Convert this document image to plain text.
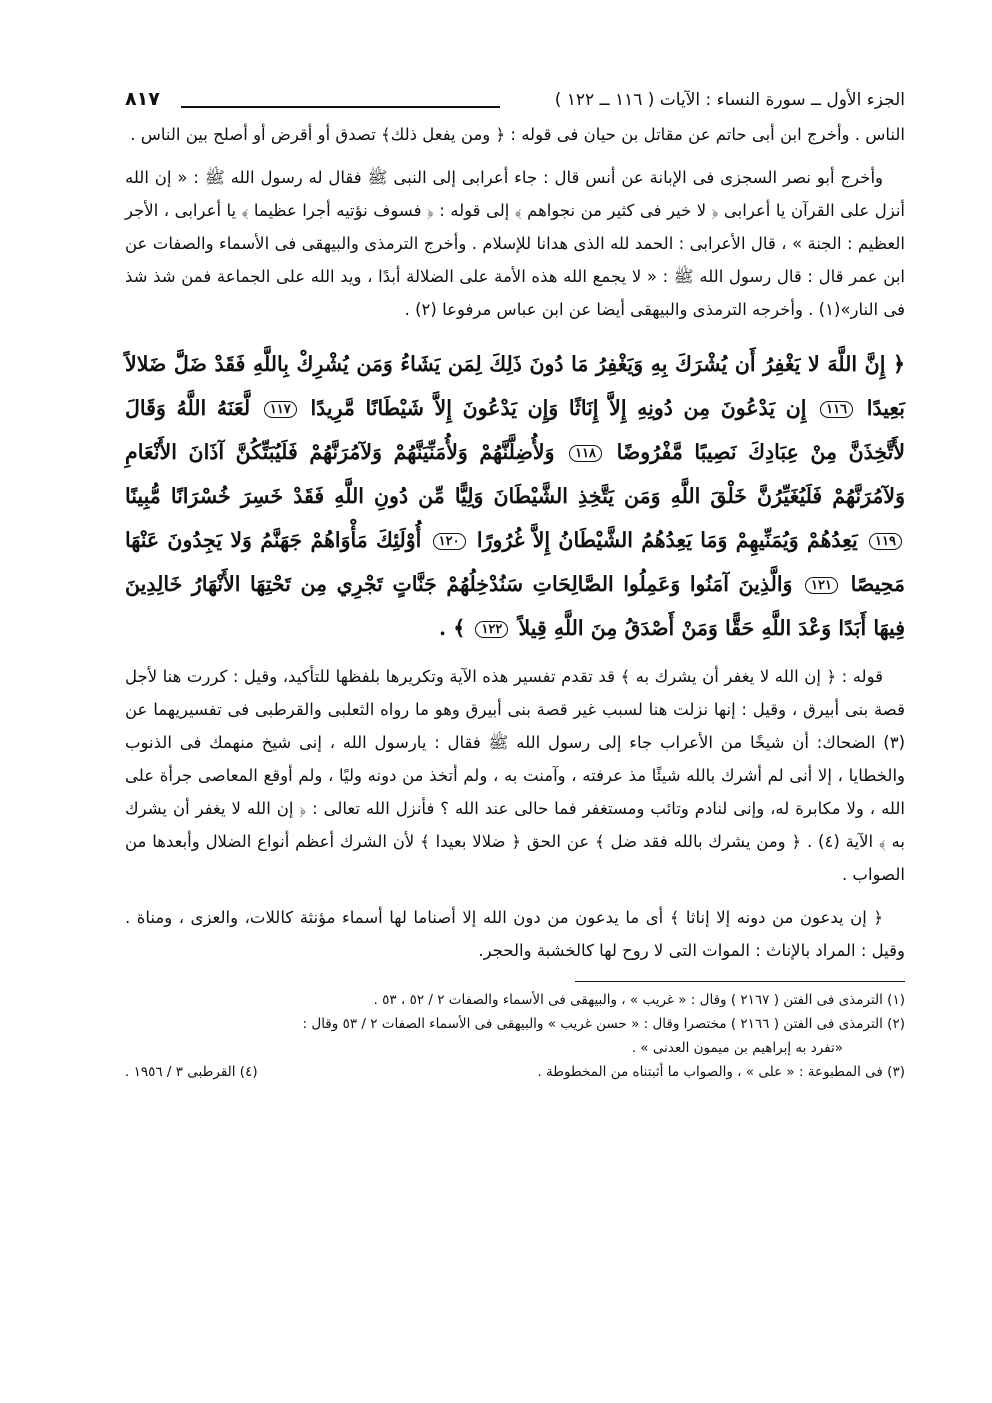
الجزء الأول ــ سورة النساء : الآيات ( ١١٦ ــ ١٢٢ )
٨١٧

الناس . وأخرج ابن أبى حاتم عن مقاتل بن حيان فى قوله : ﴿ ومن يفعل ذلك﴾ تصدق أو أقرض أو أصلح بين الناس .

وأخرج أبو نصر السجزى فى الإبانة عن أنس قال : جاء أعرابى إلى النبى ﷺ فقال له رسول الله ﷺ : « إن الله أنزل على القرآن يا أعرابى ﴿ لا خير فى كثير من نجواهم ﴾ إلى قوله : ﴿ فسوف نؤتيه أجرا عظيما ﴾ يا أعرابى ، الأجر العظيم : الجنة » ، قال الأعرابى : الحمد لله الذى هدانا للإسلام . وأخرج الترمذى والبيهقى فى الأسماء والصفات عن ابن عمر قال : قال رسول الله ﷺ : « لا يجمع الله هذه الأمة على الضلالة أبدًا ، ويد الله على الجماعة فمن شذ شذ فى النار»(١) . وأخرجه الترمذى والبيهقى أيضا عن ابن عباس مرفوعا (٢) .

﴿ إِنَّ اللَّهَ لا يَغْفِرُ أَن يُشْرَكَ بِهِ وَيَغْفِرُ مَا دُونَ ذَلِكَ لِمَن يَشَاءُ وَمَن يُشْرِكْ بِاللَّهِ فَقَدْ ضَلَّ ضَلالاً بَعِيدًا ١١٦ إِن يَدْعُونَ مِن دُونِهِ إِلاَّ إِنَاثًا وَإِن يَدْعُونَ إِلاَّ شَيْطَانًا مَّرِيدًا ١١٧ لَّعَنَهُ اللَّهُ وَقَالَ لأَتَّخِذَنَّ مِنْ عِبَادِكَ نَصِيبًا مَّفْرُوضًا ١١٨ وَلأُضِلَّنَّهُمْ وَلأُمَنِّيَنَّهُمْ وَلآمُرَنَّهُمْ فَلَيُبَتِّكُنَّ آذَانَ الأَنْعَامِ وَلآمُرَنَّهُمْ فَلَيُغَيِّرُنَّ خَلْقَ اللَّهِ وَمَن يَتَّخِذِ الشَّيْطَانَ وَلِيًّا مِّن دُونِ اللَّهِ فَقَدْ خَسِرَ خُسْرَانًا مُّبِينًا ١١٩ يَعِدُهُمْ وَيُمَنِّيهِمْ وَمَا يَعِدُهُمُ الشَّيْطَانُ إِلاَّ غُرُورًا ١٢٠ أُوْلَئِكَ مَأْوَاهُمْ جَهَنَّمُ وَلا يَجِدُونَ عَنْهَا مَحِيصًا ١٢١ وَالَّذِينَ آمَنُوا وَعَمِلُوا الصَّالِحَاتِ سَنُدْخِلُهُمْ جَنَّاتٍ تَجْرِي مِن تَحْتِهَا الأَنْهَارُ خَالِدِينَ فِيهَا أَبَدًا وَعْدَ اللَّهِ حَقًّا وَمَنْ أَصْدَقُ مِنَ اللَّهِ قِيلاً ١٢٢ ﴾ .

قوله : ﴿ إن الله لا يغفر أن يشرك به ﴾ قد تقدم تفسير هذه الآية وتكريرها بلفظها للتأكيد، وقيل : كررت هنا لأجل قصة بنى أبيرق ، وقيل : إنها نزلت هنا لسبب غير قصة بنى أبيرق وهو ما رواه الثعلبى والقرطبى فى تفسيريهما عن (٣) الضحاك: أن شيخًا من الأعراب جاء إلى رسول الله ﷺ فقال : يارسول الله ، إنى شيخ منهمك فى الذنوب والخطايا ، إلا أنى لم أشرك بالله شيئًا مذ عرفته ، وآمنت به ، ولم أتخذ من دونه وليًا ، ولم أوقع المعاصى جرأة على الله ، ولا مكابرة له، وإنى لنادم وتائب ومستغفر فما حالى عند الله ؟ فأنزل الله تعالى : ﴿ إن الله لا يغفر أن يشرك به ﴾ الآية (٤) . ﴿ ومن يشرك بالله فقد ضل ﴾ عن الحق ﴿ ضلالا بعيدا ﴾ لأن الشرك أعظم أنواع الضلال وأبعدها من الصواب .

﴿ إن يدعون من دونه إلا إناثا ﴾ أى ما يدعون من دون الله إلا أصناما لها أسماء مؤنثة كاللات، والعزى ، ومناة . وقيل : المراد بالإناث : الموات التى لا روح لها كالخشبة والحجر.

(١) الترمذى فى الفتن ( ٢١٦٧ ) وقال : « غريب » ، والبيهقى فى الأسماء والصفات ٢ / ٥٢ ، ٥٣ .

(٢) الترمذى فى الفتن ( ٢١٦٦ ) مختصرا وقال : « حسن غريب » والبيهقى فى الأسماء الصفات ٢ / ٥٣ وقال :

«تفرد به إبراهيم بن ميمون العدنى » .

(٣) فى المطبوعة : « على » ، والصواب ما أثبتناه من المخطوطة .
(٤) القرطبى ٣ / ١٩٥٦ .
